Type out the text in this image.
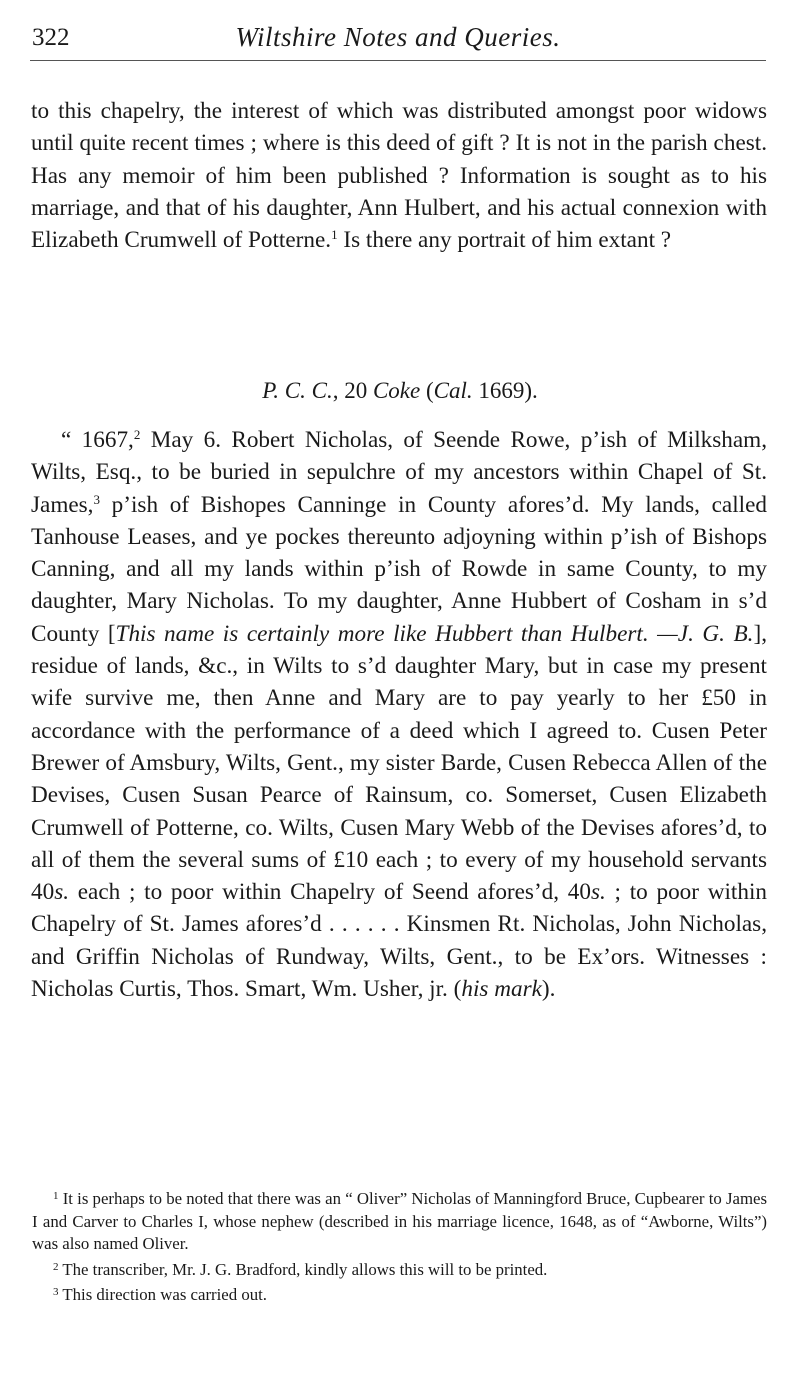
322	Wiltshire Notes and Queries.
to this chapelry, the interest of which was distributed amongst poor widows until quite recent times ; where is this deed of gift ? It is not in the parish chest. Has any memoir of him been published ? Information is sought as to his marriage, and that of his daughter, Ann Hulbert, and his actual connexion with Elizabeth Crumwell of Potterne.$^1$ Is there any portrait of him extant ?
P. C. C., 20 Coke (Cal. 1669).
“ 1667,$^2$ May 6. Robert Nicholas, of Seende Rowe, p’ish of Milksham, Wilts, Esq., to be buried in sepulchre of my ancestors within Chapel of St. James,$^3$ p’ish of Bishopes Canninge in County afores’d. My lands, called Tanhouse Leases, and ye pockes thereunto adjoyning within p’ish of Bishops Canning, and all my lands within p’ish of Rowde in same County, to my daughter, Mary Nicholas. To my daughter, Anne Hubbert of Cosham in s’d County [This name is certainly more like Hubbert than Hulbert. —J. G. B.], residue of lands, &c., in Wilts to s’d daughter Mary, but in case my present wife survive me, then Anne and Mary are to pay yearly to her £50 in accordance with the performance of a deed which I agreed to. Cusen Peter Brewer of Amsbury, Wilts, Gent., my sister Barde, Cusen Rebecca Allen of the Devises, Cusen Susan Pearce of Rainsum, co. Somerset, Cusen Elizabeth Crumwell of Potterne, co. Wilts, Cusen Mary Webb of the Devises afores’d, to all of them the several sums of £10 each ; to every of my household servants 40s. each ; to poor within Chapelry of Seend afores’d, 40s. ; to poor within Chapelry of St. James afores’d . . . . . . Kinsmen Rt. Nicholas, John Nicholas, and Griffin Nicholas of Rundway, Wilts, Gent., to be Ex’ors. Witnesses : Nicholas Curtis, Thos. Smart, Wm. Usher, jr. (his mark).

$^1$ It is perhaps to be noted that there was an “ Oliver” Nicholas of Manningford Bruce, Cupbearer to James I and Carver to Charles I, whose nephew (described in his marriage licence, 1648, as of “Awborne, Wilts”) was also named Oliver.

$^2$ The transcriber, Mr. J. G. Bradford, kindly allows this will to be printed.

$^3$ This direction was carried out.
